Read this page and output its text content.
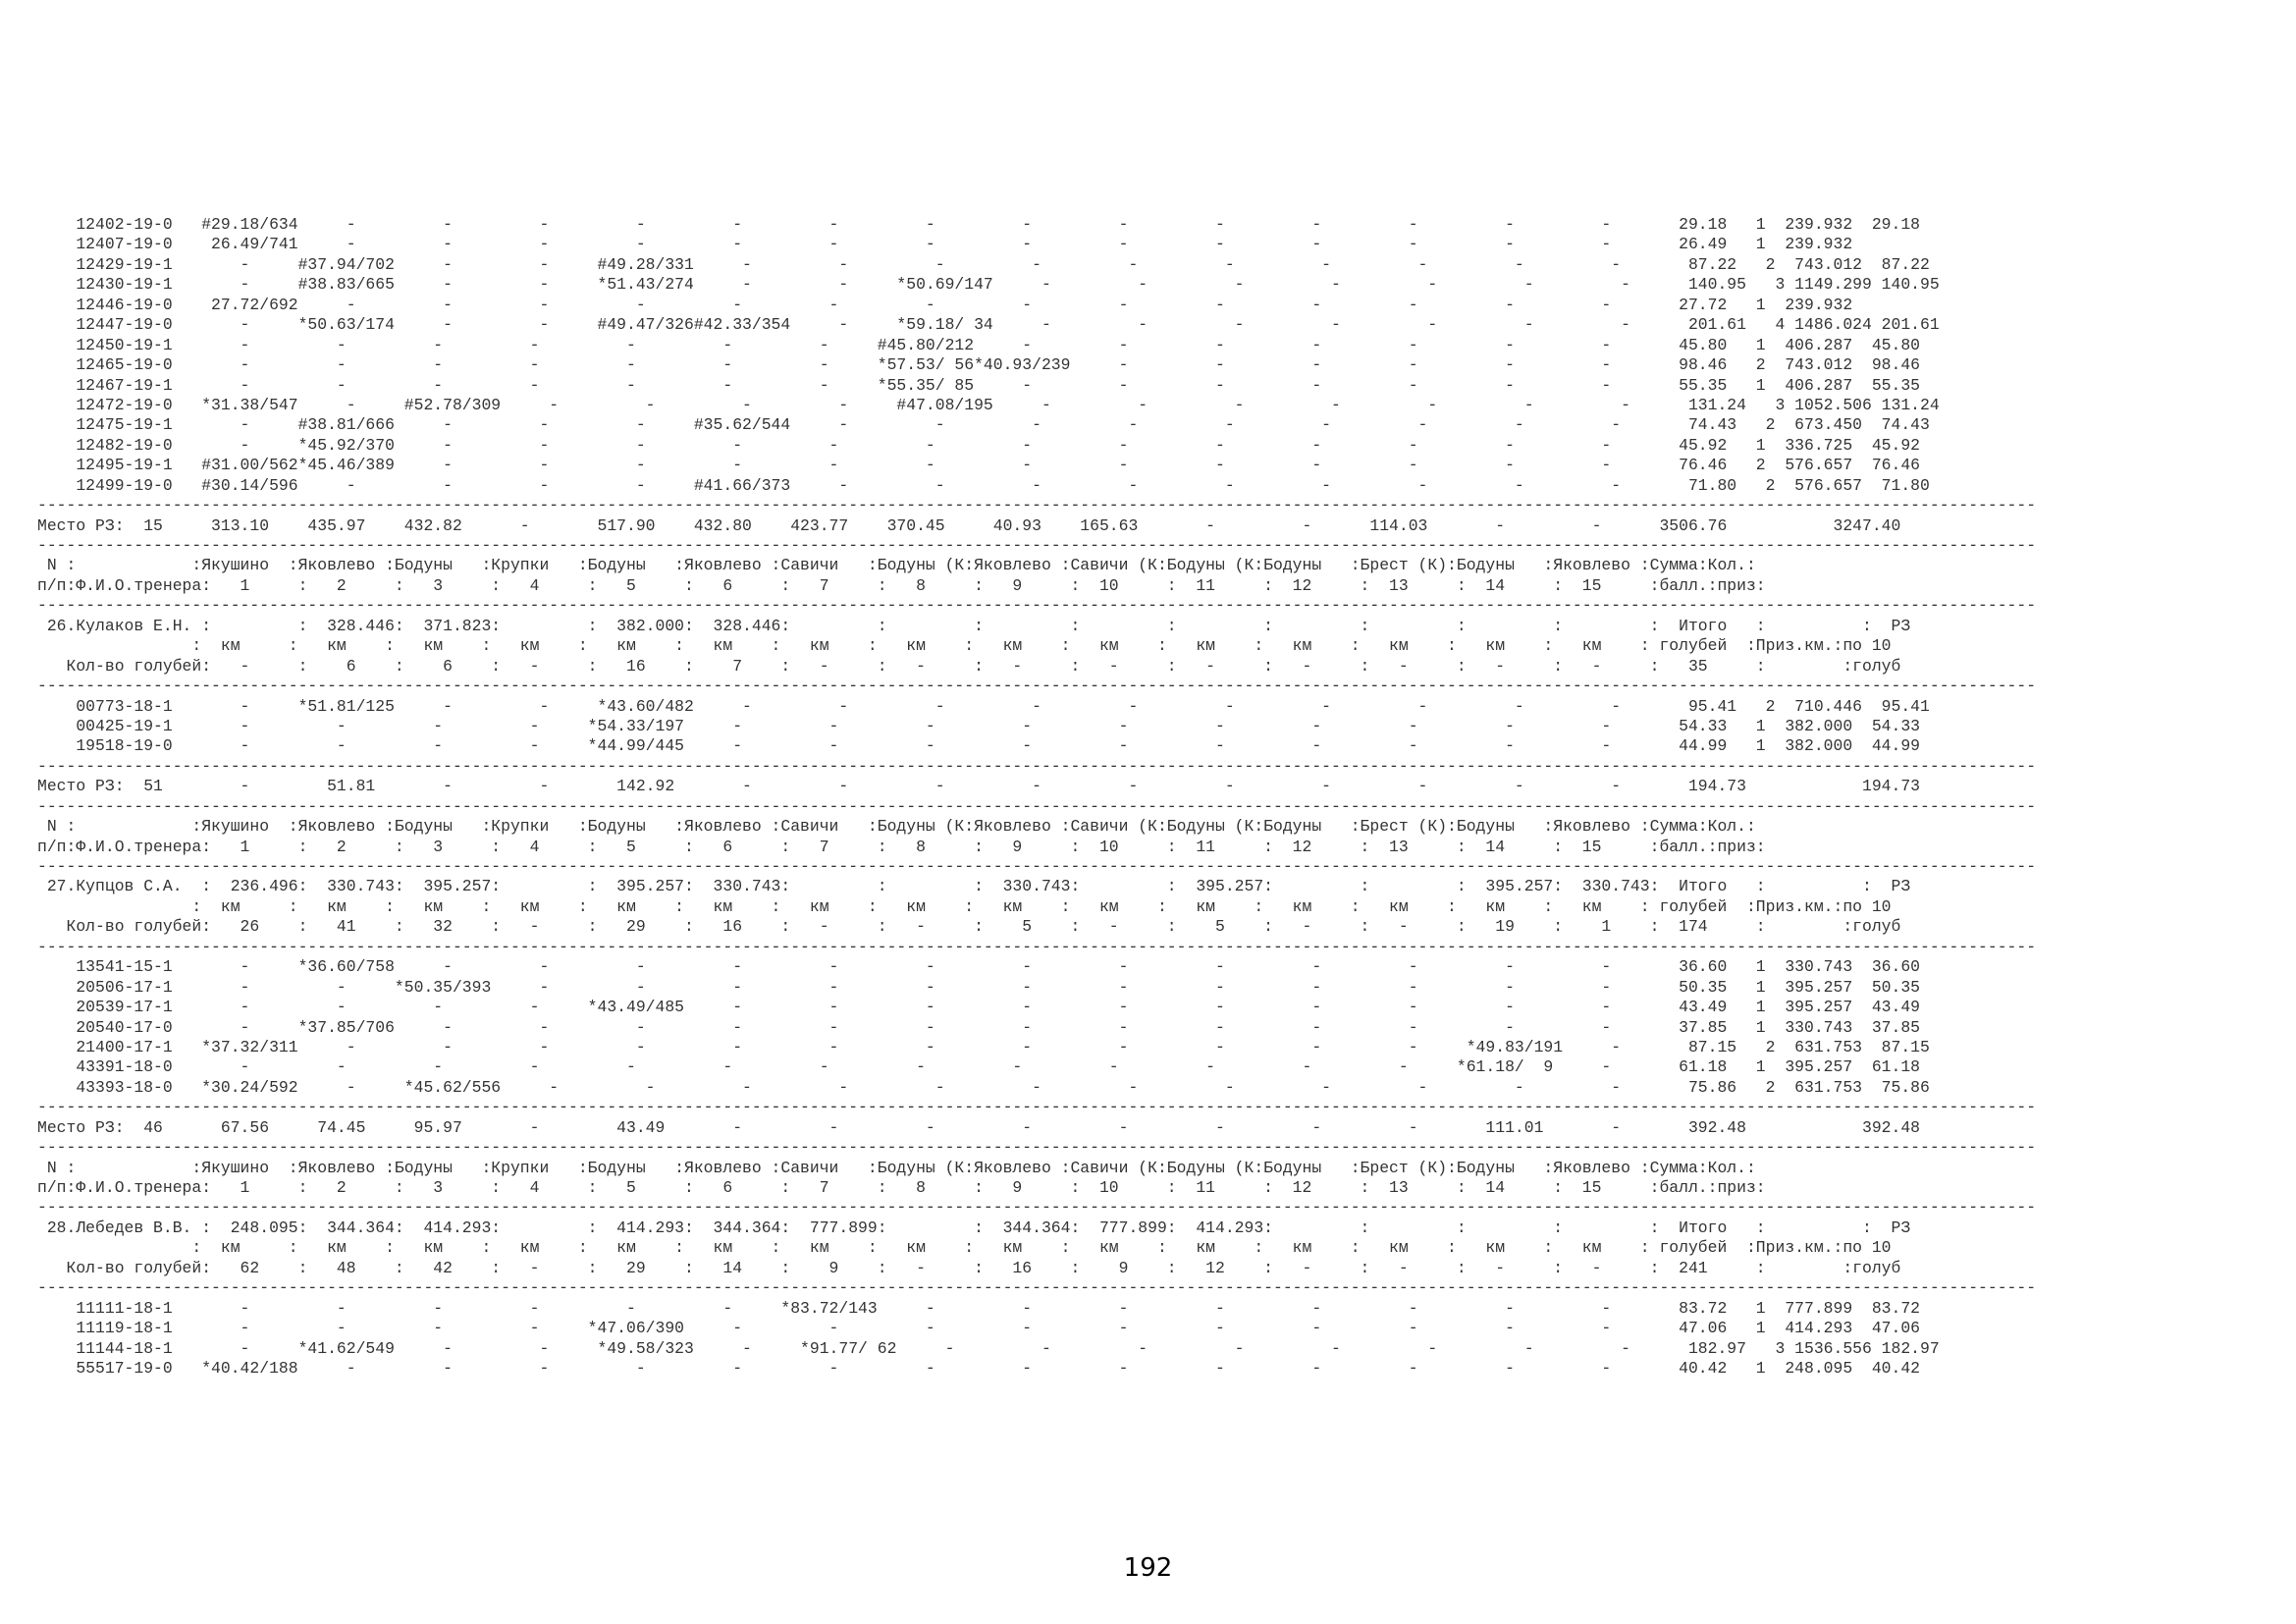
12402-19-0   #29.18/634     -         -         -         -         -         -         -         -         -         -         -         -         -         -       29.18   1  239.932  29.18
12407-19-0    26.49/741     -         -         -         -         -         -         -         -         -         -         -         -         -         -       26.49   1  239.932
12429-19-1       -     #37.94/702     -         -     #49.28/331     -         -         -         -         -         -         -         -         -         -       87.22   2  743.012  87.22
12430-19-1       -     #38.83/665     -         -     *51.43/274     -         -     *50.69/147     -         -         -         -         -         -         -      140.95   3 1149.299 140.95
12446-19-0    27.72/692     -         -         -         -         -         -         -         -         -         -         -         -         -         -       27.72   1  239.932
12447-19-0       -     *50.63/174     -         -     #49.47/326#42.33/354     -     *59.18/ 34     -         -         -         -         -         -         -      201.61   4 1486.024 201.61
12450-19-1       -         -         -         -         -         -         -     #45.80/212     -         -         -         -         -         -         -       45.80   1  406.287  45.80
12465-19-0       -         -         -         -         -         -         -     *57.53/ 56*40.93/239     -         -         -         -         -         -       98.46   2  743.012  98.46
12467-19-1       -         -         -         -         -         -         -     *55.35/ 85     -         -         -         -         -         -         -       55.35   1  406.287  55.35
12472-19-0   *31.38/547     -     #52.78/309     -         -         -         -     #47.08/195     -         -         -         -         -         -         -      131.24   3 1052.506 131.24
12475-19-1       -     #38.81/666     -         -         -     #35.62/544     -         -         -         -         -         -         -         -         -       74.43   2  673.450  74.43
12482-19-0       -     *45.92/370     -         -         -         -         -         -         -         -         -         -         -         -         -       45.92   1  336.725  45.92
12495-19-1   #31.00/562*45.46/389     -         -         -         -         -         -         -         -         -         -         -         -         -       76.46   2  576.657  76.46
12499-19-0   #30.14/596     -         -         -         -     #41.66/373     -         -         -         -         -         -         -         -         -       71.80   2  576.657  71.80
---------------------------------------------------------------------------------------------------------------------------------------------------------------------------------------------------------------
Место РЗ:  15     313.10    435.97    432.82      -       517.90    432.80    423.77    370.45     40.93    165.63       -         -      114.03       -         -      3506.76           3247.40
---------------------------------------------------------------------------------------------------------------------------------------------------------------------------------------------------------------
N :            :Якушино  :Яковлево :Бодуны   :Крупки   :Бодуны   :Яковлево :Савичи   :Бодуны (К:Яковлево :Савичи (К:Бодуны (К:Бодуны   :Брест (К):Бодуны   :Яковлево :Сумма:Кол.:
п/п:Ф.И.О.тренера:   1     :   2     :   3     :   4     :   5     :   6     :   7     :   8     :   9     :  10     :  11     :  12     :  13     :  14     :  15     :балл.:приз:
---------------------------------------------------------------------------------------------------------------------------------------------------------------------------------------------------------------
26.Кулаков Е.Н. :         :  328.446:  371.823:         :  382.000:  328.446:         :         :         :         :         :         :         :         :         :  Итого   :          :  РЗ
:  км     :   км    :   км    :   км    :   км    :   км    :   км    :   км    :   км    :   км    :   км    :   км    :   км    :   км    :   км    : голубей  :Приз.км.:по 10
Кол-во голубей:   -     :    6    :    6    :   -     :   16    :    7    :   -     :   -     :   -     :   -     :   -     :   -     :   -     :   -     :   -     :   35     :        :голуб
---------------------------------------------------------------------------------------------------------------------------------------------------------------------------------------------------------------
00773-18-1       -     *51.81/125     -         -     *43.60/482     -         -         -         -         -         -         -         -         -         -       95.41   2  710.446  95.41
00425-19-1       -         -         -         -     *54.33/197     -         -         -         -         -         -         -         -         -         -       54.33   1  382.000  54.33
19518-19-0       -         -         -         -     *44.99/445     -         -         -         -         -         -         -         -         -         -       44.99   1  382.000  44.99
---------------------------------------------------------------------------------------------------------------------------------------------------------------------------------------------------------------
Место РЗ:  51        -        51.81       -         -       142.92       -         -         -         -         -         -         -         -         -         -       194.73            194.73
---------------------------------------------------------------------------------------------------------------------------------------------------------------------------------------------------------------
N :            :Якушино  :Яковлево :Бодуны   :Крупки   :Бодуны   :Яковлево :Савичи   :Бодуны (К:Яковлево :Савичи (К:Бодуны (К:Бодуны   :Брест (К):Бодуны   :Яковлево :Сумма:Кол.:
п/п:Ф.И.О.тренера:   1     :   2     :   3     :   4     :   5     :   6     :   7     :   8     :   9     :  10     :  11     :  12     :  13     :  14     :  15     :балл.:приз:
---------------------------------------------------------------------------------------------------------------------------------------------------------------------------------------------------------------
27.Купцов С.А.  :  236.496:  330.743:  395.257:         :  395.257:  330.743:         :         :  330.743:         :  395.257:         :         :  395.257:  330.743:  Итого   :          :  РЗ
:  км     :   км    :   км    :   км    :   км    :   км    :   км    :   км    :   км    :   км    :   км    :   км    :   км    :   км    :   км    : голубей  :Приз.км.:по 10
Кол-во голубей:   26    :   41    :   32    :   -     :   29    :   16    :   -     :   -     :    5    :   -     :    5    :   -     :   -     :   19    :    1    :  174     :        :голуб
---------------------------------------------------------------------------------------------------------------------------------------------------------------------------------------------------------------
13541-15-1       -     *36.60/758     -         -         -         -         -         -         -         -         -         -         -         -         -       36.60   1  330.743  36.60
20506-17-1       -         -     *50.35/393     -         -         -         -         -         -         -         -         -         -         -         -       50.35   1  395.257  50.35
20539-17-1       -         -         -         -     *43.49/485     -         -         -         -         -         -         -         -         -         -       43.49   1  395.257  43.49
20540-17-0       -     *37.85/706     -         -         -         -         -         -         -         -         -         -         -         -         -       37.85   1  330.743  37.85
21400-17-1   *37.32/311     -         -         -         -         -         -         -         -         -         -         -         -     *49.83/191     -       87.15   2  631.753  87.15
43391-18-0       -         -         -         -         -         -         -         -         -         -         -         -         -     *61.18/  9     -       61.18   1  395.257  61.18
43393-18-0   *30.24/592     -     *45.62/556     -         -         -         -         -         -         -         -         -         -         -         -       75.86   2  631.753  75.86
---------------------------------------------------------------------------------------------------------------------------------------------------------------------------------------------------------------
Место РЗ:  46      67.56     74.45     95.97       -        43.49       -         -         -         -         -         -         -         -       111.01       -       392.48            392.48
---------------------------------------------------------------------------------------------------------------------------------------------------------------------------------------------------------------
N :            :Якушино  :Яковлево :Бодуны   :Крупки   :Бодуны   :Яковлево :Савичи   :Бодуны (К:Яковлево :Савичи (К:Бодуны (К:Бодуны   :Брест (К):Бодуны   :Яковлево :Сумма:Кол.:
п/п:Ф.И.О.тренера:   1     :   2     :   3     :   4     :   5     :   6     :   7     :   8     :   9     :  10     :  11     :  12     :  13     :  14     :  15     :балл.:приз:
---------------------------------------------------------------------------------------------------------------------------------------------------------------------------------------------------------------
28.Лебедев В.В. :  248.095:  344.364:  414.293:         :  414.293:  344.364:  777.899:         :  344.364:  777.899:  414.293:         :         :         :         :  Итого   :          :  РЗ
:  км     :   км    :   км    :   км    :   км    :   км    :   км    :   км    :   км    :   км    :   км    :   км    :   км    :   км    :   км    : голубей  :Приз.км.:по 10
Кол-во голубей:   62    :   48    :   42    :   -     :   29    :   14    :    9    :   -     :   16    :    9    :   12    :   -     :   -     :   -     :   -     :  241     :        :голуб
---------------------------------------------------------------------------------------------------------------------------------------------------------------------------------------------------------------
11111-18-1       -         -         -         -         -         -     *83.72/143     -         -         -         -         -         -         -         -       83.72   1  777.899  83.72
11119-18-1       -         -         -         -     *47.06/390     -         -         -         -         -         -         -         -         -         -       47.06   1  414.293  47.06
11144-18-1       -     *41.62/549     -         -     *49.58/323     -     *91.77/ 62     -         -         -         -         -         -         -         -      182.97   3 1536.556 182.97
55517-19-0   *40.42/188     -         -         -         -         -         -         -         -         -         -         -         -         -         -       40.42   1  248.095  40.42
192
